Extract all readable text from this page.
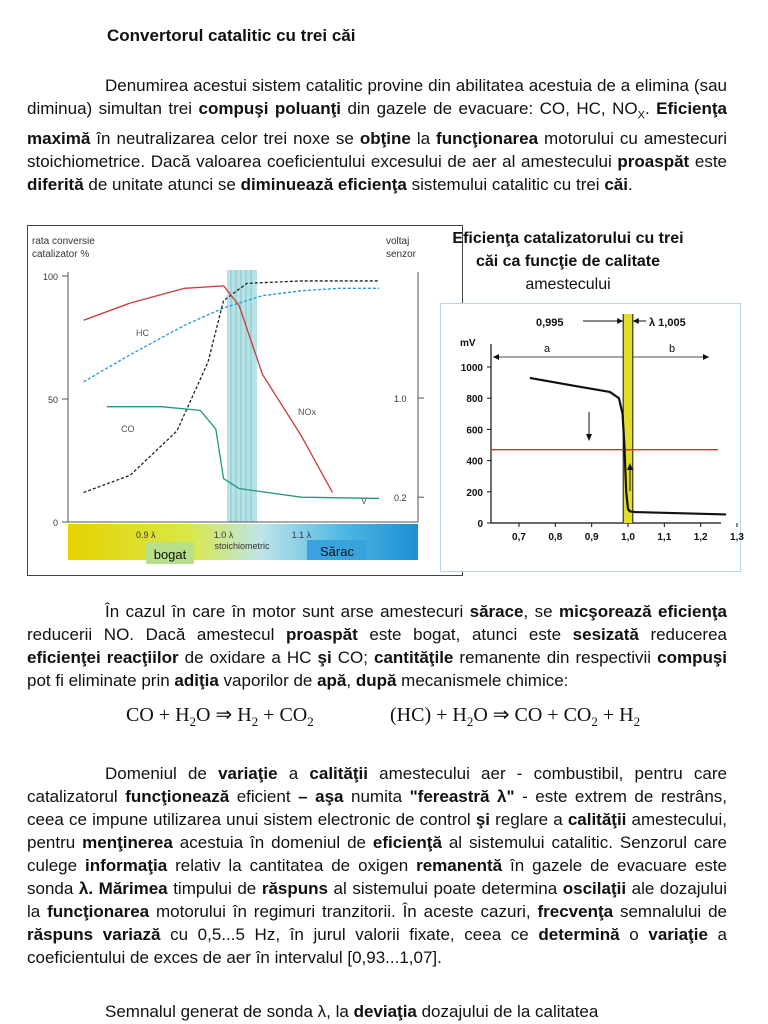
Convertorul catalitic cu trei căi
Denumirea acestui sistem catalitic provine din abilitatea acestuia de a elimina (sau diminua) simultan trei compuşi poluanţi din gazele de evacuare: CO, HC, $NO_X$. Eficienţa maximă în neutralizarea celor trei noxe se obţine la funcţionarea motorului cu amestecuri stoichiometrice. Dacă valoarea coeficientului excesului de aer al amestecului proaspăt este diferită de unitate atunci se diminuează eficienţa sistemului catalitic cu trei căi.
HC
CO
NOx
V
rata conversie
catalizator %
voltaj
senzor
0
50
100
0.2
1.0
0.9 λ	1.0 λ	1.1 λ
stoichiometric
bogat	Sărac
Eficienţa catalizatorului cu trei
căi ca funcţie de calitate
amestecului
0
200
400
600
800
1000
0,7 0,8 0,9 1,0 1,1 1,2 1,3
mV
0,995	λ 1,005
a	b
În cazul în care în motor sunt arse amestecuri sărace, se micşorează eficienţa reducerii NO. Dacă amestecul proaspăt este bogat, atunci este sesizată reducerea eficienţei reacţiilor de oxidare a HC şi CO; cantităţile remanente din respectivii compuşi pot fi eliminate prin adiţia vaporilor de apă, după mecanismele chimice:
CO + $H_2O$ ⇒ $H_2 + CO_2$	$(HC) + H_2O$ ⇒ CO + $CO_2 + H_2$
Domeniul de variaţie a calităţii amestecului aer - combustibil, pentru care catalizatorul funcţionează eficient – aşa numita "fereastră λ" - este extrem de restrâns, ceea ce impune utilizarea unui sistem electronic de control şi reglare a calităţii amestecului, pentru menţinerea acestuia în domeniul de eficienţă al sistemului catalitic. Senzorul care culege informaţia relativ la cantitatea de oxigen remanentă în gazele de evacuare este sonda λ. Mărimea timpului de răspuns al sistemului poate determina oscilaţii ale dozajului la funcţionarea motorului în regimuri tranzitorii. În aceste cazuri, frecvenţa semnalului de răspuns variază cu 0,5...5 Hz, în jurul valorii fixate, ceea ce determină o variaţie a coeficientului de exces de aer în intervalul [0,93...1,07].
Semnalul generat de sonda λ, la deviaţia dozajului de la calitatea
